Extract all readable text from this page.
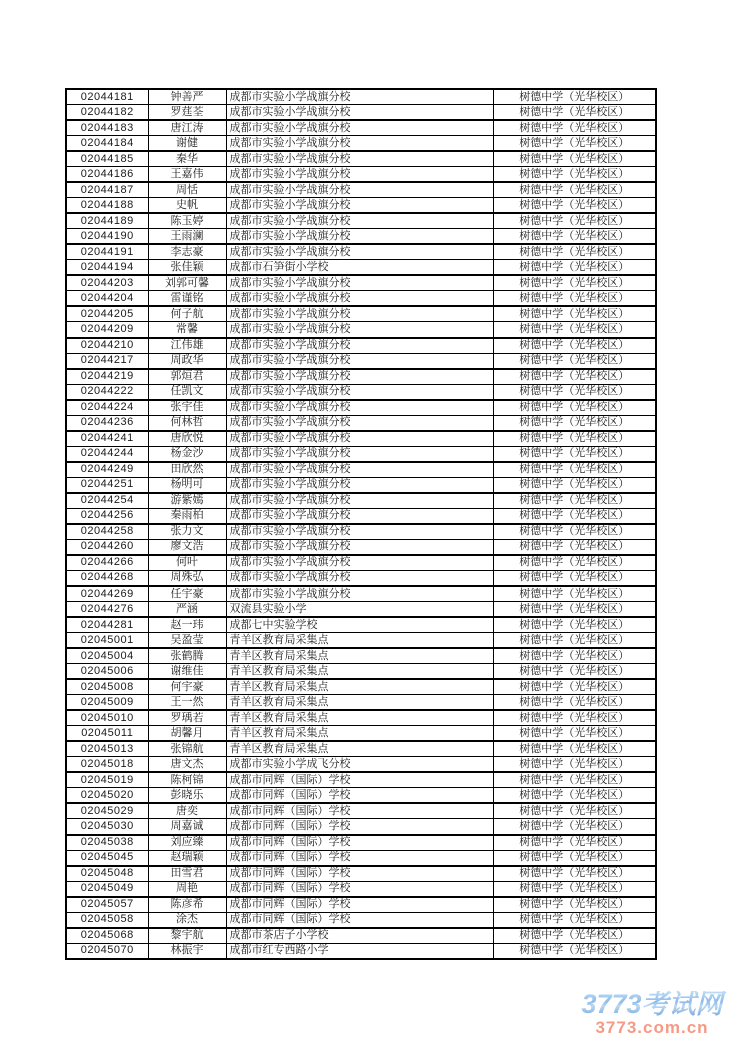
02044181	钟善严	成都市实验小学战旗分校	树德中学（光华校区）
02044182	罗莛荃	成都市实验小学战旗分校	树德中学（光华校区）
02044183	唐江涛	成都市实验小学战旗分校	树德中学（光华校区）
02044184	谢健	成都市实验小学战旗分校	树德中学（光华校区）
02044185	秦华	成都市实验小学战旗分校	树德中学（光华校区）
02044186	王嘉伟	成都市实验小学战旗分校	树德中学（光华校区）
02044187	周恬	成都市实验小学战旗分校	树德中学（光华校区）
02044188	史帆	成都市实验小学战旗分校	树德中学（光华校区）
02044189	陈玉婷	成都市实验小学战旗分校	树德中学（光华校区）
02044190	王雨澜	成都市实验小学战旗分校	树德中学（光华校区）
02044191	李志豪	成都市实验小学战旗分校	树德中学（光华校区）
02044194	张佳颖	成都市石笋街小学校	树德中学（光华校区）
02044203	刘郭可馨	成都市实验小学战旗分校	树德中学（光华校区）
02044204	雷谨铭	成都市实验小学战旗分校	树德中学（光华校区）
02044205	何子航	成都市实验小学战旗分校	树德中学（光华校区）
02044209	常馨	成都市实验小学战旗分校	树德中学（光华校区）
02044210	江伟雄	成都市实验小学战旗分校	树德中学（光华校区）
02044217	周政华	成都市实验小学战旗分校	树德中学（光华校区）
02044219	郭烜君	成都市实验小学战旗分校	树德中学（光华校区）
02044222	任凯文	成都市实验小学战旗分校	树德中学（光华校区）
02044224	张宇佳	成都市实验小学战旗分校	树德中学（光华校区）
02044236	何林哲	成都市实验小学战旗分校	树德中学（光华校区）
02044241	唐欣悦	成都市实验小学战旗分校	树德中学（光华校区）
02044244	杨金沙	成都市实验小学战旗分校	树德中学（光华校区）
02044249	田欣然	成都市实验小学战旗分校	树德中学（光华校区）
02044251	杨明可	成都市实验小学战旗分校	树德中学（光华校区）
02044254	游紫嫣	成都市实验小学战旗分校	树德中学（光华校区）
02044256	秦雨柏	成都市实验小学战旗分校	树德中学（光华校区）
02044258	张力文	成都市实验小学战旗分校	树德中学（光华校区）
02044260	廖文浩	成都市实验小学战旗分校	树德中学（光华校区）
02044266	何叶	成都市实验小学战旗分校	树德中学（光华校区）
02044268	周殊弘	成都市实验小学战旗分校	树德中学（光华校区）
02044269	任宇豪	成都市实验小学战旗分校	树德中学（光华校区）
02044276	严涵	双流县实验小学	树德中学（光华校区）
02044281	赵一玮	成都七中实验学校	树德中学（光华校区）
02045001	吴盈莹	青羊区教育局采集点	树德中学（光华校区）
02045004	张鹤腾	青羊区教育局采集点	树德中学（光华校区）
02045006	谢维佳	青羊区教育局采集点	树德中学（光华校区）
02045008	何宇豪	青羊区教育局采集点	树德中学（光华校区）
02045009	王一然	青羊区教育局采集点	树德中学（光华校区）
02045010	罗瑀若	青羊区教育局采集点	树德中学（光华校区）
02045011	胡馨月	青羊区教育局采集点	树德中学（光华校区）
02045013	张锦航	青羊区教育局采集点	树德中学（光华校区）
02045018	唐文杰	成都市实验小学成飞分校	树德中学（光华校区）
02045019	陈柯锦	成都市同辉（国际）学校	树德中学（光华校区）
02045020	彭晓乐	成都市同辉（国际）学校	树德中学（光华校区）
02045029	唐奕	成都市同辉（国际）学校	树德中学（光华校区）
02045030	周嘉诚	成都市同辉（国际）学校	树德中学（光华校区）
02045038	刘应臻	成都市同辉（国际）学校	树德中学（光华校区）
02045045	赵瑞颖	成都市同辉（国际）学校	树德中学（光华校区）
02045048	田雪君	成都市同辉（国际）学校	树德中学（光华校区）
02045049	周艳	成都市同辉（国际）学校	树德中学（光华校区）
02045057	陈彦希	成都市同辉（国际）学校	树德中学（光华校区）
02045058	涂杰	成都市同辉（国际）学校	树德中学（光华校区）
02045068	黎宇航	成都市茶店子小学校	树德中学（光华校区）
02045070	林振宇	成都市红专西路小学	树德中学（光华校区）
3773考试网
3773.com.cn
